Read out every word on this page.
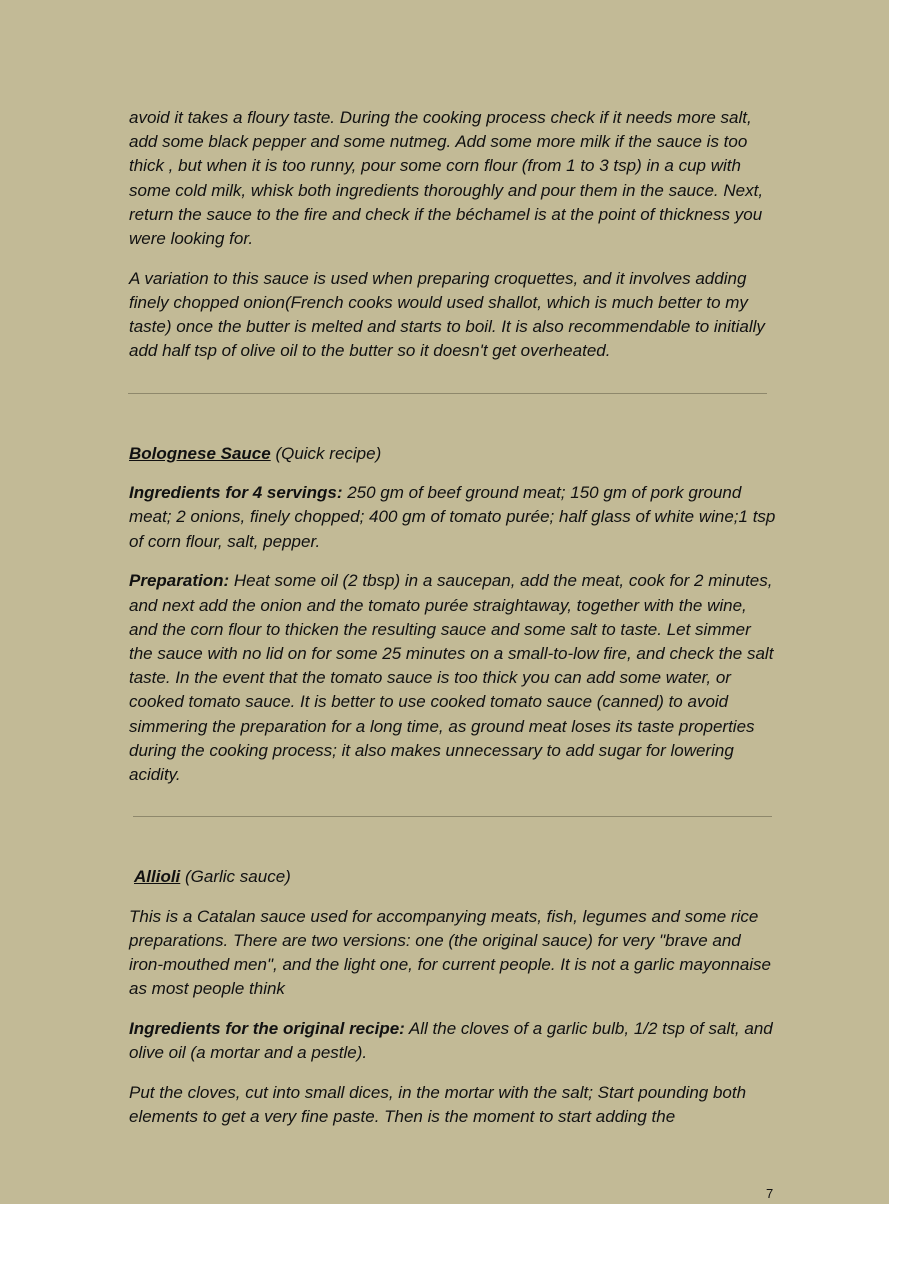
avoid it takes a floury taste. During the cooking process check if it needs more salt, add some black pepper and some nutmeg. Add some more milk if the sauce is too thick , but when it is too runny, pour some corn flour (from 1 to 3 tsp) in a cup with some cold milk, whisk both ingredients thoroughly and pour them in the sauce. Next, return the sauce to the fire and check if the béchamel is at the point of thickness you were looking for.

A variation to this sauce is used when preparing croquettes, and it involves adding finely chopped onion(French cooks would used shallot, which is much better to my taste) once the butter is melted and starts to boil. It is also recommendable to initially add half tsp of olive oil to the butter so it doesn't get overheated.

Bolognese Sauce (Quick recipe)

Ingredients for 4 servings: 250 gm of beef ground meat; 150 gm of pork ground meat; 2 onions, finely chopped; 400 gm of tomato purée; half glass of white wine;1 tsp of corn flour, salt, pepper.

Preparation: Heat some oil (2 tbsp) in a saucepan, add the meat, cook for 2 minutes, and next add the onion and the tomato purée straightaway, together with the wine, and the corn flour to thicken the resulting sauce and some salt to taste. Let simmer the sauce with no lid on for some 25 minutes on a small-to-low fire, and check the salt taste. In the event that the tomato sauce is too thick you can add some water, or cooked tomato sauce. It is better to use cooked tomato sauce (canned) to avoid simmering the preparation for a long time, as ground meat loses its taste properties during the cooking process; it also makes unnecessary to add sugar for lowering acidity.

Allioli (Garlic sauce)

This is a Catalan sauce used for accompanying meats, fish, legumes and some rice preparations. There are two versions: one (the original sauce) for very "brave and iron-mouthed men", and the light one, for current people. It is not a garlic mayonnaise as most people think

Ingredients for the original recipe: All the cloves of a garlic bulb, 1/2 tsp of salt, and olive oil (a mortar and a pestle).

Put the cloves, cut into small dices, in the mortar with the salt; Start pounding both elements to get a very fine paste. Then is the moment to start adding the

7
